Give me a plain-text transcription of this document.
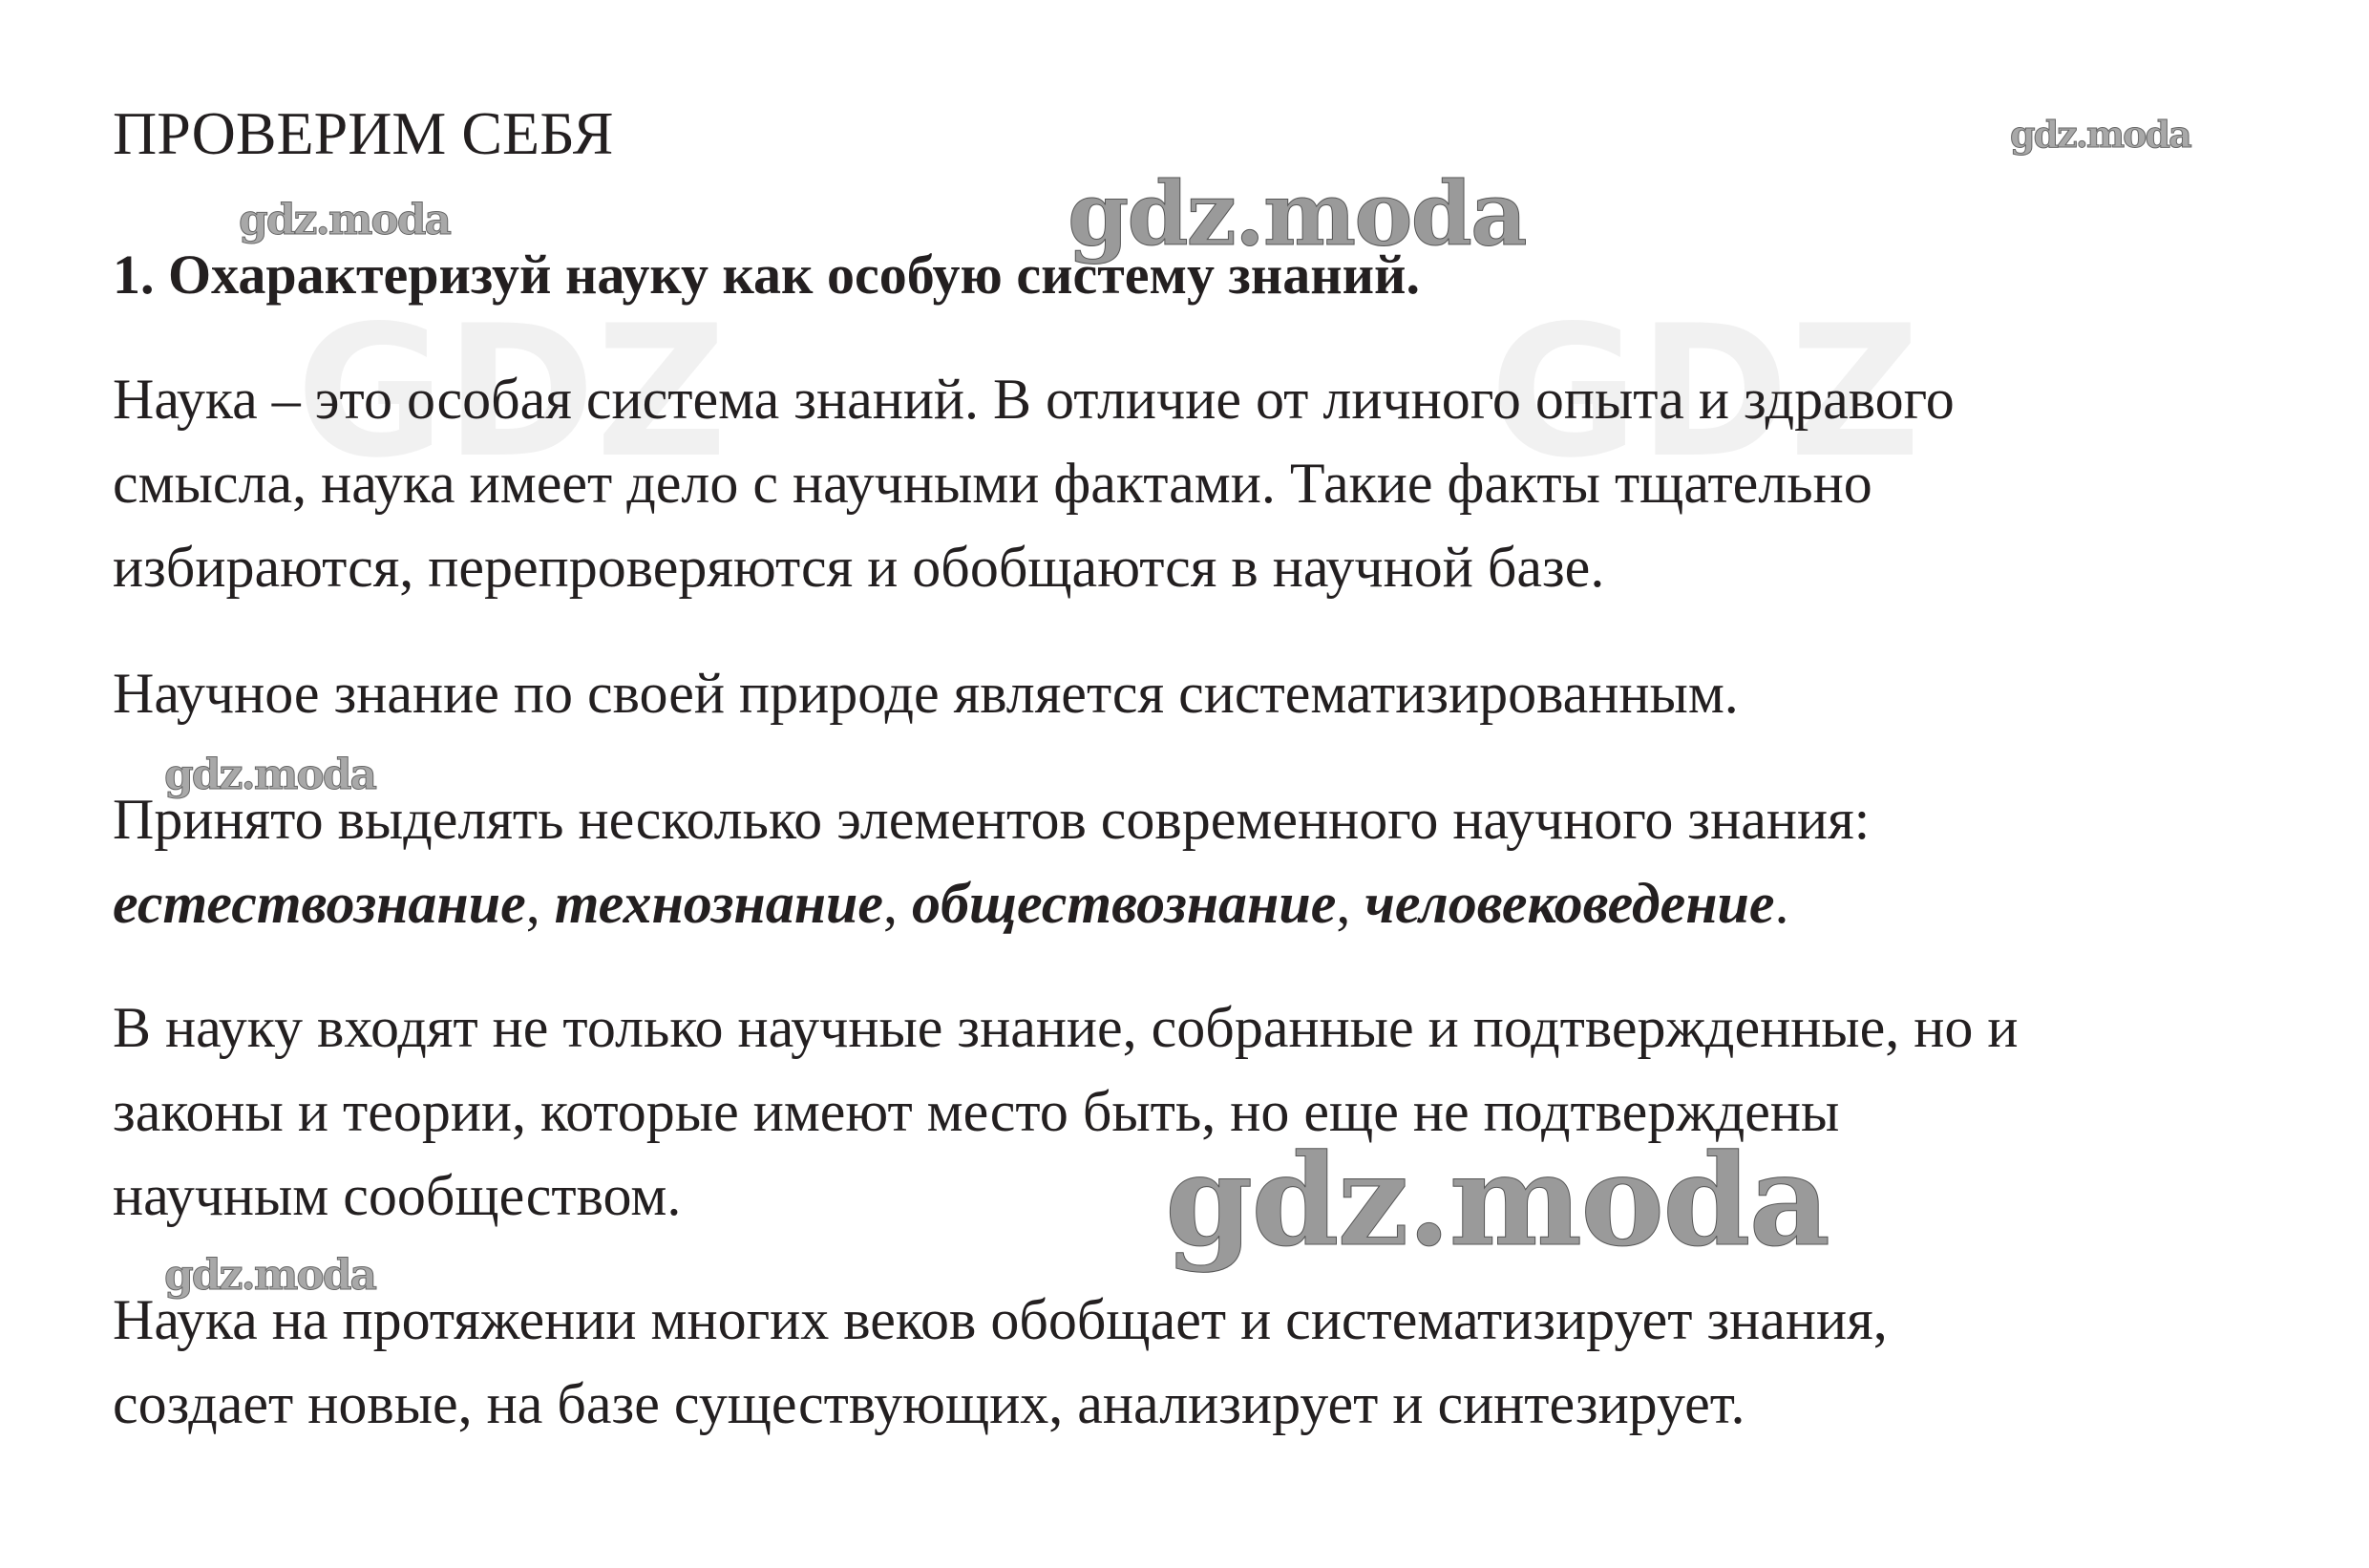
GDZ	GDZ
ПРОВЕРИМ СЕБЯ
1. Охарактеризуй науку как особую систему знаний.
Наука – это особая система знаний. В отличие от личного опыта и здравого
смысла, наука имеет дело с научными фактами. Такие факты тщательно
избираются, перепроверяются и обобщаются в научной базе.
Научное знание по своей природе является систематизированным.
Принято выделять несколько элементов современного научного знания:
естествознание, технознание, обществознание, человековедение.
В науку входят не только научные знание, собранные и подтвержденные, но и
законы и теории, которые имеют место быть, но еще не подтверждены
научным сообществом.
Наука на протяжении многих веков обобщает и систематизирует знания,
создает новые, на базе существующих, анализирует и синтезирует.
gdz.moda
gdz.moda	gdz.moda
gdz.moda
gdz.moda
gdz.moda
